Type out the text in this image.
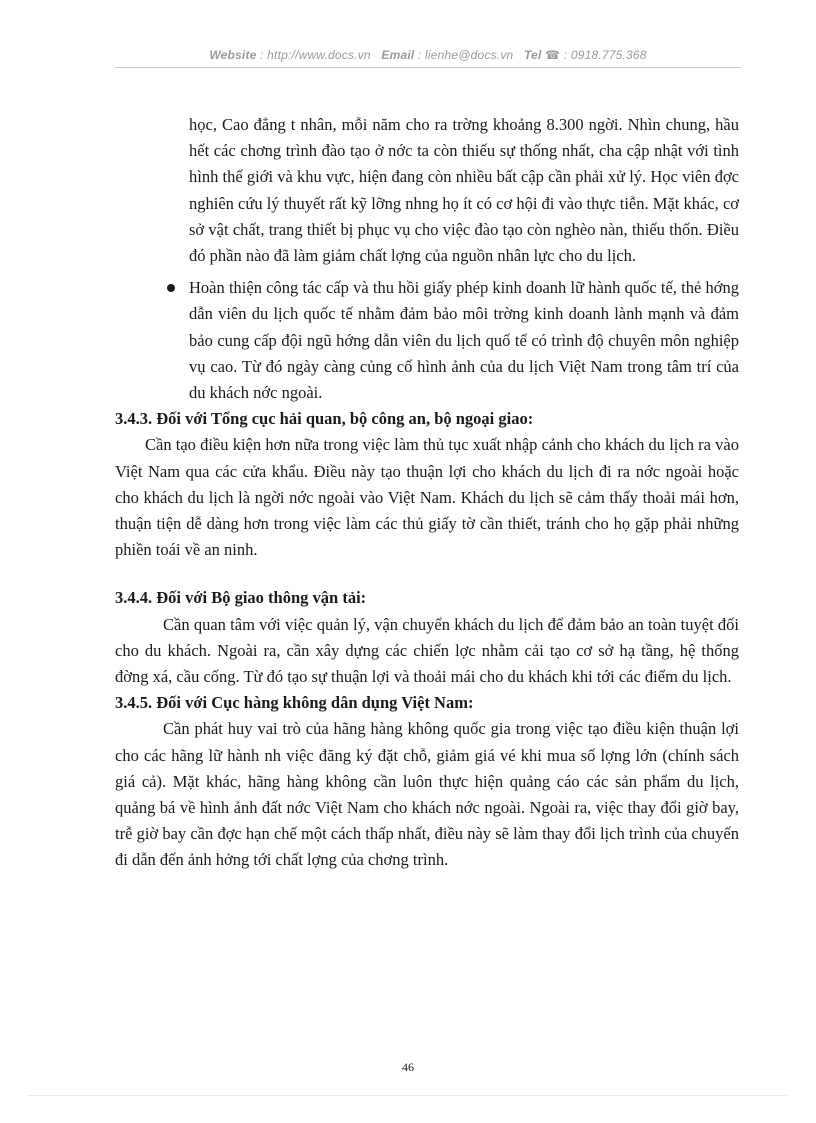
Website : http://www.docs.vn Email : lienhe@docs.vn Tel ☎ : 0918.775.368
học, Cao đẳng t nhân, mỗi năm cho ra trờng khoảng 8.300 ngời. Nhìn chung, hầu hết các chơng trình đào tạo ở nớc ta còn thiếu sự thống nhất, cha cập nhật với tình hình thế giới và khu vực, hiện đang còn nhiều bất cập cần phải xử lý. Học viên đợc nghiên cứu lý thuyết rất kỹ lỡng nhng họ ít có cơ hội đi vào thực tiễn. Mặt khác, cơ sở vật chất, trang thiết bị phục vụ cho việc đào tạo còn nghèo nàn, thiếu thốn. Điều đó phần nào đã làm giảm chất lợng của nguồn nhân lực cho du lịch.
Hoàn thiện công tác cấp và thu hồi giấy phép kinh doanh lữ hành quốc tế, thẻ hớng dẫn viên du lịch quốc tế nhằm đảm bảo môi trờng kinh doanh lành mạnh và đảm bảo cung cấp đội ngũ hớng dẫn viên du lịch quố tế có trình độ chuyên môn nghiệp vụ cao. Từ đó ngày càng củng cố hình ảnh của du lịch Việt Nam trong tâm trí của du khách nớc ngoài.
3.4.3. Đối với Tổng cục hải quan, bộ công an, bộ ngoại giao:

Cần tạo điều kiện hơn nữa trong việc làm thủ tục xuất nhập cảnh cho khách du lịch ra vào Việt Nam qua các cửa khẩu. Điều này tạo thuận lợi cho khách du lịch đi ra nớc ngoài hoặc cho khách du lịch là ngời nớc ngoài vào Việt Nam. Khách du lịch sẽ cảm thấy thoải mái hơn, thuận tiện dễ dàng hơn trong việc làm các thủ giấy tờ cần thiết, tránh cho họ gặp phải những phiền toái về an ninh.

3.4.4. Đối với Bộ giao thông vận tải:

Cần quan tâm với việc quản lý, vận chuyển khách du lịch để đảm bảo an toàn tuyệt đối cho du khách. Ngoài ra, cần xây dựng các chiến lợc nhằm cải tạo cơ sở hạ tầng, hệ thống đờng xá, cầu cống. Từ đó tạo sự thuận lợi và thoải mái cho du khách khi tới các điểm du lịch.

3.4.5. Đối với Cục hàng không dân dụng Việt Nam:

Cần phát huy vai trò của hãng hàng không quốc gia trong việc tạo điều kiện thuận lợi cho các hãng lữ hành nh việc đăng ký đặt chỗ, giảm giá vé khi mua số lợng lớn (chính sách giá cả). Mặt khác, hãng hàng không cần luôn thực hiện quảng cáo các sản phẩm du lịch, quảng bá về hình ảnh đất nớc Việt Nam cho khách nớc ngoài. Ngoài ra, việc thay đổi giờ bay, trễ giờ bay cần đợc hạn chế một cách thấp nhất, điều này sẽ làm thay đổi lịch trình của chuyến đi dẫn đến ảnh hởng tới chất lợng của chơng trình.

46
